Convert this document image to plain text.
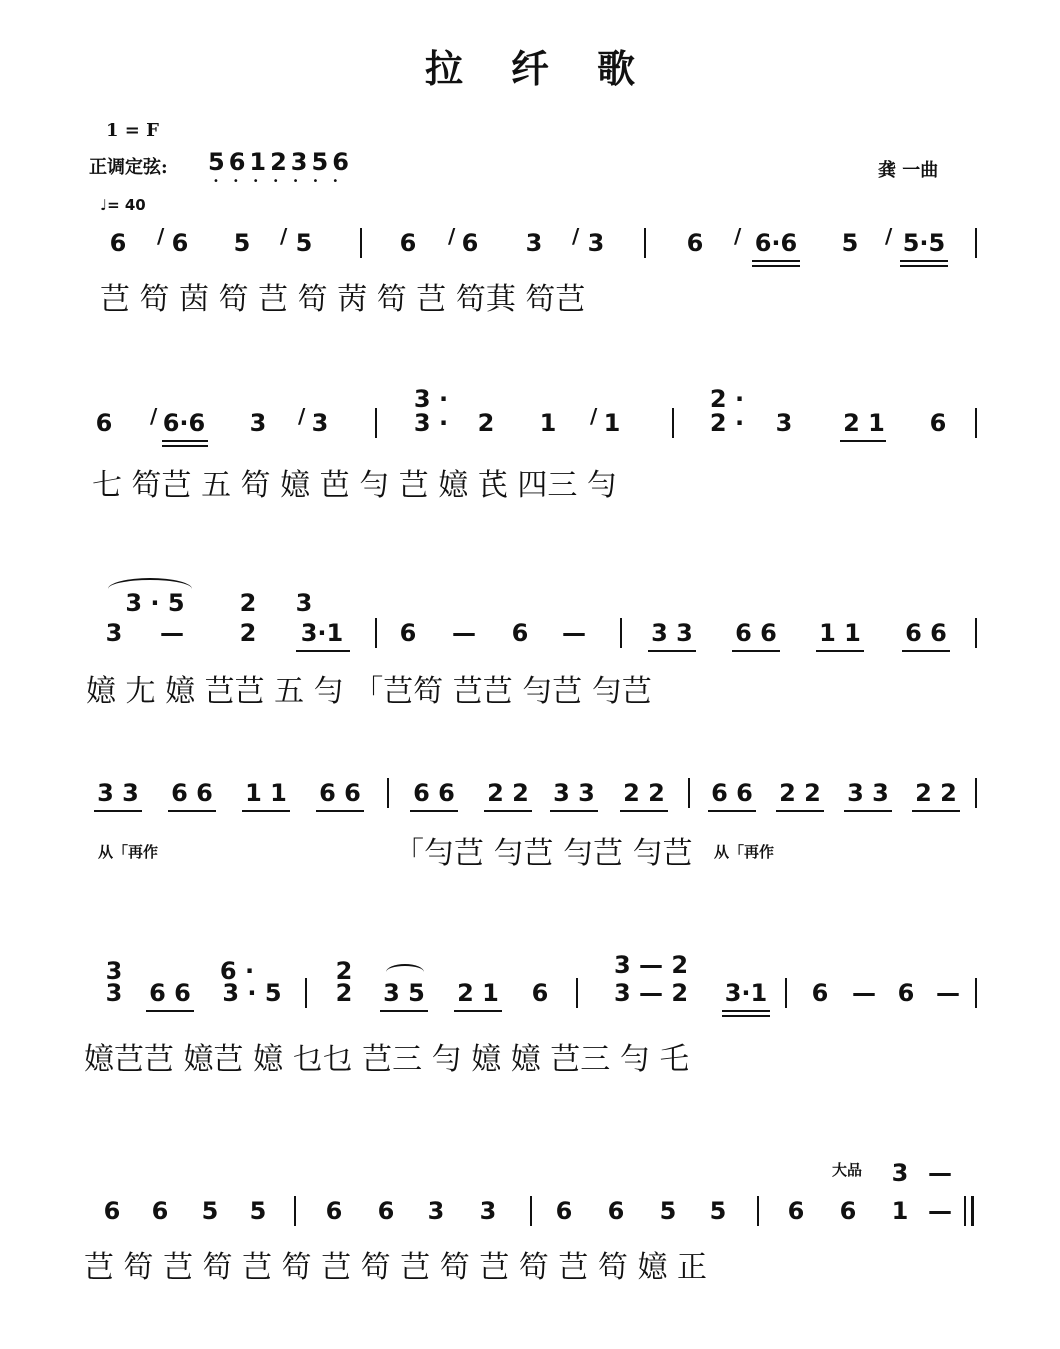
拉纤歌
1 = F
正调定弦: 5612356
•••••••
龚 一曲
♩= 40
6	/ 6	5	/ 5	6	/ 6	3	/ 3	6	/ 6·6	5	/ 5·5
芑 笱 茵 笱 芑 笱 苪 笱 芑 笱萁 笱芑
6	/ 6·6	3	/ 3	3 ·	2	1	/ 1	2 ·	3	2 1	6
3 ·	2 ·
七 笱芑 五 笱 嬑 芭 勻 芑 嬑 芪 四三 勻
3 · 5	2	3
3	—	2	3·1	6	—	6	—	3 3 6 6 1 1 6 6
嬑 尢 嬑 芑芑 五 勻 「芑笱 芑芑 勻芑 勻芑
3 3 6 6 1 1 6 6 6 6 2 2 3 3 2 2 6 6 2 2 3 3 2 2
从「再作	「勻芑 勻芑 勻芑 勻芑 从「再作
3	6 ·	2	3 — 2
3	6 6	3 · 5	2	3 5 2 1	6	3 — 2	3·1	6 — 6 —
嬑芑芑 嬑芑 嬑 乜乜 芑三 勻 嬑 嬑 芑三 勻 乇
大品	3 —
6	6	5	5	6	6	3	3	6	6	5	5	6	6	1 —
芑 笱 芑 笱 芑 笱 芑 笱 芑 笱 芑 笱 芑 笱 嬑 正
